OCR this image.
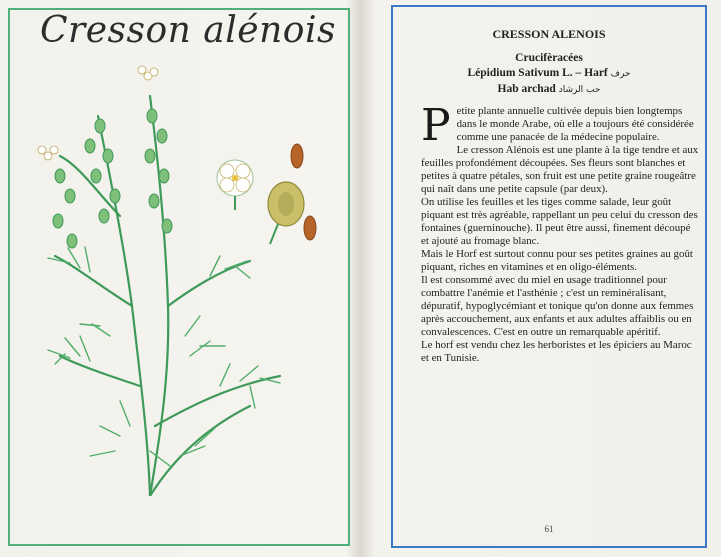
Cresson alénois	CRESSON ALENOIS
Crucifèracées
Lépidium Sativum L. – Harf حرف
Hab archad حب الرشاد

Petite plante annuelle cultivée depuis bien longtemps dans le monde Arabe, où elle a toujours été considérée comme une panacée de la médecine populaire.

Le cresson Alénois est une plante à la tige tendre et aux feuilles profondément découpées. Ses fleurs sont blanches et petites à quatre pétales, son fruit est une petite graine rougeâtre qui naît dans une petite capsule (par deux).

On utilise les feuilles et les tiges comme salade, leur goût piquant est très agréable, rappellant un peu celui du cresson des fontaines (guerninouche). Il peut être aussi, finement découpé et ajouté au fromage blanc.

Mais le Horf est surtout connu pour ses petites graines au goût piquant, riches en vitamines et en oligo-éléments.

Il est consommé avec du miel en usage traditionnel pour combattre l'anémie et l'asthénie ; c'est un reminéralisant, dépuratif, hypoglycémiant et tonique qu'on donne aux femmes après accouchement, aux enfants et aux adultes affaiblis ou en convalescences. C'est en outre un remarquable apéritif.

Le horf est vendu chez les herboristes et les épiciers au Maroc et en Tunisie.

61
